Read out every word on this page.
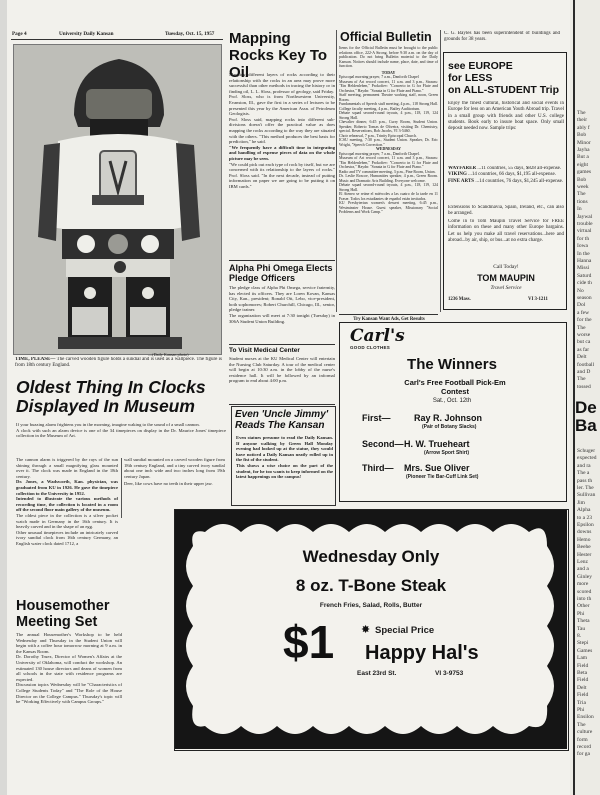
Page 4	University Daily Kansan	Tuesday, Oct. 15, 1957
—(Daily Kansan photo)
TIME, PLEASE— The carved wooden figure holds a sundial and is used as a wallpiece. The figure is from 18th century England.
Oldest Thing In Clocks Displayed In Museum

If your buzzing alarm frightens you in the morning, imagine waking to the sound of a small cannon.

A clock with such an alarm device is one of the 34 timepieces on display in the Dr. Maurice Jones' timepiece collection in the Museum of Art.

The cannon alarm is triggered by the rays of the sun shining through a small magnifying glass mounted over it. The clock was made in England in the 18th century.

Dr. Jones, a Wadsworth, Kan. physician, was graduated from KU in 1926. He gave the timepiece collection to the University in 1952.

Intended to illustrate the various methods of recording time, the collection is located in a room off the second floor main gallery of the museum.

The oldest piece in the collection is a silver pocket watch made in Germany in the 16th century. It is heavily carved and in the shape of an egg.

Other unusual timepieces include an intricately carved ivory sundial clock from 16th century Germany, an English water clock dated 1712, a

wall sundial mounted on a carved wooden figure from 18th century England, and a tiny carved ivory sundial about one inch wide and two inches long from 19th century Japan.

Deer, like cows have no teeth in their upper jaw.

Housemother Meeting Set

The annual Housemother's Workshop to be held Wednesday and Thursday in the Student Union will begin with a coffee hour tomorrow morning at 9 a.m. in the Kansas Room.

Dr. Dorothy Truex, Director of Women's Affairs at the University of Oklahoma, will conduct the workshop. An estimated 130 house directors and deans of women from all schools in the state with residence programs are expected.

Discussion topics Wednesday will be "Characteristics of College Students Today" and "The Role of the House Director on the College Campus." Thursday's topic will be "Working Effectively with Campus Groups."

Mapping Rocks Key To Oil

Mapping different layers of rocks according to their relationship with the rocks in an area may prove more successful than other methods in tracing the history or in finding oil, L. L. Sloss, professor of geology, said Friday.

Prof. Sloss, who is from Northwestern University, Evanston, Ill., gave the first in a series of lectures to be presented this year by the American Assn. of Petroleum Geologists.

Prof. Sloss said, mapping rocks into different sub-divisions doesn't offer the practical value as does mapping the rocks according to the way they are situated with the others. "This method produces the best basis for prediction," he said.

"We frequently have a difficult time in integrating and handling of expense pieces of data on the whole picture may be seen.

"We could pick out each type of rock by itself, but we are concerned with its relationship to the layers of rocks." Prof. Sloss said. "In the next decade, instead of putting information on paper we are going to be putting it on IBM cards."

Alpha Phi Omega Elects Pledge Officers

The pledge class of Alpha Phi Omega, service fraternity, has elected its officers. They are Loren Kovan, Kansas City, Kan., president; Ronald Ott, Lebo, vice-president, both sophomores; Robert Churchill, Chicago, Ill., senior, pledge trainer.

The organization will meet at 7:30 tonight (Tuesday) in 306A Student Union Building.

To Visit Medical Center
Student nurses at the KU Medical Center will entertain the Nursing Club Saturday. A tour of the medical center will begin at 10:30 a.m. in the lobby of the nurse's residence hall. It will be followed by an informal program to end about 4:00 p.m.
Even 'Uncle Jimmy' Reads The Kansan

Even statues presume to read the Daily Kansan. If anyone walking by Green Hall Monday evening had looked up at the statue, they would have noticed a Daily Kansan neatly rolled up in the fist of the student.

This shows a wise choice on the part of the student, for he too wants to keep informed on the latest happenings on the campus!

Official Bulletin

Items for the Official Bulletin must be brought to the public relations office, 222-A Strong, before 9:30 a.m. on the day of publication. Do not bring Bulletin material to the Daily Kansan. Notices should include name, place, date, and time of function.

TODAY

Episcopal morning prayer, 7 a.m., Danforth Chapel

Museum of Art record concert, 11 a.m. and 3 p.m., Strauss: "Ein Heldenleben," Prokofiev: "Concerto in G for Flute and Orchestra," Haydn: "Sonata in G for Flute and Piano."

Staff meeting, permanent Theatre working staff, noon, Green Room.

Fundamentals of Speech staff meeting, 4 p.m., 118 Strong Hall.

College faculty meeting, 4 p.m., Bailey Auditorium.

Debate squad second-round tryouts, 4 p.m., 118, 119, 124 Strong Hall.

Chevalier dinner, 6:45 p.m., Curry Room, Student Union. Speaker, Roberto Tomas de Oliveira, visiting Dr. Chemistry, special. Reservations, Bob Jacobs, VI 3-5460.

Choir rehearsal, 7 p.m., Trinity Episcopal Church.

ICSU meeting, 7:30 p.m., Student Union. Speaker, Dr. Eric Wright, "Speech Correction."

WEDNESDAY

Episcopal morning prayer, 7 a.m., Danforth Chapel.

Museum of Art record concert, 11 a.m. and 3 p.m., Strauss: "Ein Heldenleben," Prokofiev: "Concerto in G for Flute and Orchestra," Haydn: "Sonata in G for Flute and Piano."

Radio and TV committee meeting, 3 p.m., Pine Room, Union.

Dr. Leslie Roscoe, Humanities speaker, 4 p.m., Green Room. Music and Dramatic Arts Building. Everyone welcome.

Debate squad second-round tryouts, 4 p.m., 118, 119, 124 Strong Hall.

El Ateneo se reúne el miércoles a las cuatro de la tarde en 11 Fraser. Todos los estudiantes de español están invitados.

KU Presbyterian women's dessert meeting, 6:45 p.m., Westminster House. Guest speaker, Missionary "Social Problems and Work Camp."

Try Kansan Want Ads, Get Results
C. G. Bayles has been superintendent of buildings and grounds for 38 years.
see EUROPE
for LESS
on ALL-STUDENT Trip
Enjoy the finest cultural, historical and social events in Europe for less on an American Youth Abroad trip. Travel in a small group with friends and other U.S. college students. Book early to insure boat space. Only small deposit needed now. Sample trips:

WAYFARER ...11 countries, 55 days, $828 all-expense.

VIKING ...14 countries, 66 days, $1,195 all-expense.

FINE ARTS ...14 countries, 76 days, $1,245 all-expense.

Extensions to Scandinavia, Spain, Ireland, etc., can also be arranged.
Come in to Tom Maupin Travel Service for FREE information on these and many other Europe bargains. Let us help you make all travel reservations...here and abroad...by air, ship, or bus...at no extra charge.
Call Today!
TOM MAUPIN
Travel Service
1236 Mass.	VI 3-1211
Carl's
GOOD CLOTHES
The Winners
Carl's Free Football Pick-Em Contest
Sat., Oct. 12th
First—	Ray R. Johnson
(Pair of Botany Slacks)
Second— H. W. Trueheart
(Arrow Sport Shirt)
Third— Mrs. Sue Oliver
(Pioneer Tie Bar-Cuff Link Set)
Wednesday Only
8 oz. T-Bone Steak
French Fries, Salad, Rolls, Butter
$1 ✸ Special Price
Happy Hal's
East 23rd St.	VI 3-9753
De
Ba
The
their
ably f
Bob
Minor
Jayha
But a
eight
games
Bob
week
The
tions
In
Jaywal
trouble
virtual
for th
Iowa
In the
Hanna
Missi
Saturd
cide th
No
season
Dol
a few
for the
The
worse
but ca
as far
Delt
football
and D
The
tossed
Schuger
expected
and ra
The a
pass th
ler. The
Sullivan
Jim
Alpha
to a 23
Epsilon
downs
Hemo
Beehe
Hester
Lenz
and a
Ginley
more
scored
into th
Other
Phi
Theta
Tau
8.
Stepi
Games
Lam
Field
Beta
Field
Delt
Field
Tria
Phi
Ensilon
The
culture
form
record
for ga
